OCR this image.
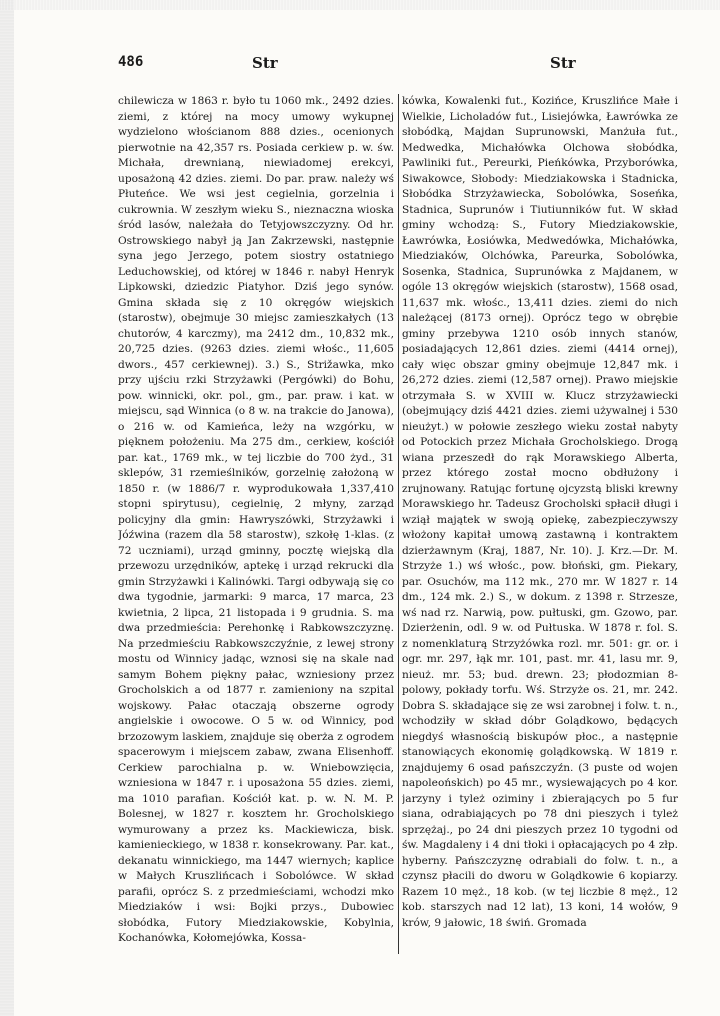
486	Str	Str

chilewicza w 1863 r. było tu 1060 mk., 2492 dzies. ziemi, z której na mocy umowy wykupnej wydzielono włościanom 888 dzies., ocenionych pierwotnie na 42,357 rs. Posiada cerkiew p. w. św. Michała, drewnianą, niewiadomej erekcyi, uposażoną 42 dzies. ziemi. Do par. praw. należy wś Płuteńce. We wsi jest cegielnia, gorzelnia i cukrownia. W zeszłym wieku S., nieznaczna wioska śród lasów, należała do Tetyjowszczyzny. Od hr. Ostrowskiego nabył ją Jan Zakrzewski, następnie syna jego Jerzego, potem siostry ostatniego Leduchowskiej, od której w 1846 r. nabył Henryk Lipkowski, dziedzic Piatyhor. Dziś jego synów. Gmina składa się z 10 okręgów wiejskich (starostw), obejmuje 30 miejsc zamieszkałych (13 chutorów, 4 karczmy), ma 2412 dm., 10,832 mk., 20,725 dzies. (9263 dzies. ziemi włośc., 11,605 dwors., 457 cerkiewnej). 3.) S., Strižawka, mko przy ujściu rzki Strzyżawki (Pergówki) do Bohu, pow. winnicki, okr. pol., gm., par. praw. i kat. w miejscu, sąd Winnica (o 8 w. na trakcie do Janowa), o 216 w. od Kamieńca, leży na wzgórku, w pięknem położeniu. Ma 275 dm., cerkiew, kościół par. kat., 1769 mk., w tej liczbie do 700 żyd., 31 sklepów, 31 rzemieślników, gorzelnię założoną w 1850 r. (w 1886/7 r. wyprodukowała 1,337,410 stopni spirytusu), cegielnię, 2 młyny, zarząd policyjny dla gmin: Hawryszówki, Strzyżawki i Jóźwina (razem dla 58 starostw), szkołę 1-klas. (z 72 uczniami), urząd gminny, pocztę wiejską dla przewozu urzędników, aptekę i urząd rekrucki dla gmin Strzyżawki i Kalinówki. Targi odbywają się co dwa tygodnie, jarmarki: 9 marca, 17 marca, 23 kwietnia, 2 lipca, 21 listopada i 9 grudnia. S. ma dwa przedmieścia: Perehonkę i Rabkowszczyznę. Na przedmieściu Rabkowszczyźnie, z lewej strony mostu od Winnicy jadąc, wznosi się na skale nad samym Bohem piękny pałac, wzniesiony przez Grocholskich a od 1877 r. zamieniony na szpital wojskowy. Pałac otaczają obszerne ogrody angielskie i owocowe. O 5 w. od Winnicy, pod brzozowym laskiem, znajduje się oberża z ogrodem spacerowym i miejscem zabaw, zwana Elisenhoff. Cerkiew parochialna p. w. Wniebowzięcia, wzniesiona w 1847 r. i uposażona 55 dzies. ziemi, ma 1010 parafian. Kościół kat. p. w. N. M. P. Bolesnej, w 1827 r. kosztem hr. Grocholskiego wymurowany a przez ks. Mackiewicza, bisk. kamienieckiego, w 1838 r. konsekrowany. Par. kat., dekanatu winnickiego, ma 1447 wiernych; kaplice w Małych Kruszlińcach i Sobolówce. W skład parafii, oprócz S. z przedmieściami, wchodzi mko Miedziaków i wsi: Bojki przys., Dubowiec słobódka, Futory Miedziakowskie, Kobylnia, Kochanówka, Kołomejówka, Kossa-

kówka, Kowalenki fut., Kozińce, Kruszlińce Małe i Wielkie, Licholadów fut., Lisiejówka, Ławrówka ze słobódką, Majdan Suprunowski, Manżuła fut., Medwedka, Michałówka Olchowa słobódka, Pawliniki fut., Pereurki, Pieńkówka, Przyborówka, Siwakowce, Słobody: Miedziakowska i Stadnicka, Słobódka Strzyżawiecka, Sobolówka, Soseńka, Stadnica, Suprunów i Tiutiunników fut. W skład gminy wchodzą: S., Futory Miedziakowskie, Ławrówka, Łosiówka, Medwedówka, Michałówka, Miedziaków, Olchówka, Pareurka, Sobolówka, Sosenka, Stadnica, Suprunówka z Majdanem, w ogóle 13 okręgów wiejskich (starostw), 1568 osad, 11,637 mk. włośc., 13,411 dzies. ziemi do nich należącej (8173 ornej). Oprócz tego w obrębie gminy przebywa 1210 osób innych stanów, posiadających 12,861 dzies. ziemi (4414 ornej), cały więc obszar gminy obejmuje 12,847 mk. i 26,272 dzies. ziemi (12,587 ornej). Prawo miejskie otrzymała S. w XVIII w. Klucz strzyżawiecki (obejmujący dziś 4421 dzies. ziemi używalnej i 530 nieużyt.) w połowie zeszłego wieku został nabyty od Potockich przez Michała Grocholskiego. Drogą wiana przeszedł do rąk Morawskiego Alberta, przez którego został mocno obdłużony i zrujnowany. Ratując fortunę ojcyzstą bliski krewny Morawskiego hr. Tadeusz Grocholski spłacił długi i wziął majątek w swoją opiekę, zabezpieczywszy włożony kapitał umową zastawną i kontraktem dzierżawnym (Kraj, 1887, Nr. 10). J. Krz.—Dr. M. Strzyże 1.) wś włośc., pow. błoński, gm. Piekary, par. Osuchów, ma 112 mk., 270 mr. W 1827 r. 14 dm., 124 mk. 2.) S., w dokum. z 1398 r. Strzesze, wś nad rz. Narwią, pow. pułtuski, gm. Gzowo, par. Dzierżenin, odl. 9 w. od Pułtuska. W 1878 r. fol. S. z nomenklaturą Strzyżówka rozl. mr. 501: gr. or. i ogr. mr. 297, łąk mr. 101, past. mr. 41, lasu mr. 9, nieuż. mr. 53; bud. drewn. 23; płodozmian 8-polowy, pokłady torfu. Wś. Strzyże os. 21, mr. 242. Dobra S. składające się ze wsi zarobnej i folw. t. n., wchodziły w skład dóbr Golądkowo, będących niegdyś własnością biskupów płoc., a następnie stanowiących ekonomię golądkowską. W 1819 r. znajdujemy 6 osad pańszczyźn. (3 puste od wojen napoleońskich) po 45 mr., wysiewających po 4 kor. jarzyny i tyleż oziminy i zbierających po 5 fur siana, odrabiających po 78 dni pieszych i tyleż sprzężaj., po 24 dni pieszych przez 10 tygodni od św. Magdaleny i 4 dni tłoki i opłacających po 4 złp. hyberny. Pańszczyznę odrabiali do folw. t. n., a czynsz płacili do dworu w Golądkowie 6 kopiarzy. Razem 10 męż., 18 kob. (w tej liczbie 8 męż., 12 kob. starszych nad 12 lat), 13 koni, 14 wołów, 9 krów, 9 jałowic, 18 świń. Gromada
